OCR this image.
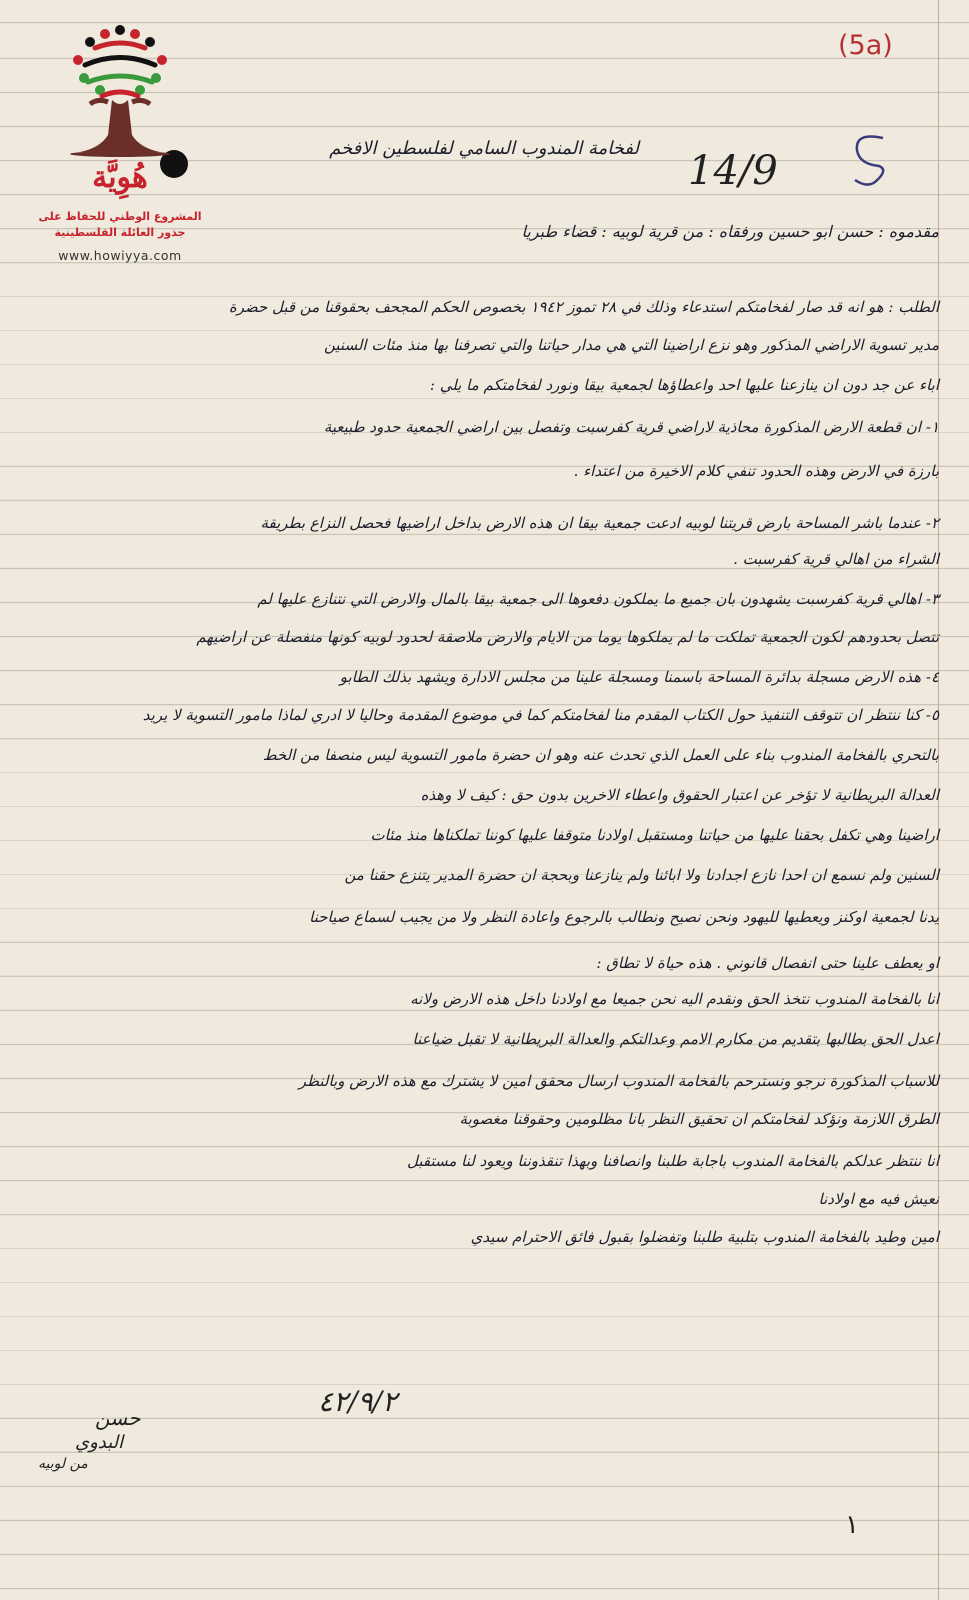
هُوِيَّة
المشروع الوطني للحفاظ على
جذور العائلة الفلسطينية
www.howiyya.com
(5a)
14/9
لفخامة المندوب السامي لفلسطين الافخم
مقدموه : حسن ابو حسين ورفقاه : من قرية لوبيه : قضاء طبريا
الطلب : هو انه قد صار لفخامتكم استدعاء وذلك في ٢٨ تموز ١٩٤٢ بخصوص الحكم المجحف بحقوقنا من قبل حضرة
مدير تسوية الاراضي المذكور وهو نزع اراضينا التي هي مدار حياتنا والتي تصرفنا بها منذ مئات السنين
اباء عن جد دون ان ينازعنا عليها احد واعطاؤها لجمعية بيقا ونورد لفخامتكم ما يلي :
١- ان قطعة الارض المذكورة محاذية لاراضي قرية كفرسبت وتفصل بين اراضي الجمعية حدود طبيعية
بارزة في الارض وهذه الحدود تنفي كلام الاخيرة من اعتداء .
٢- عندما باشر المساحة بارض قريتنا لوبيه ادعت جمعية بيقا ان هذه الارض بداخل اراضيها فحصل النزاع بطريقة
الشراء من اهالي قرية كفرسبت .
٣- اهالي قرية كفرسبت يشهدون بان جميع ما يملكون دفعوها الى جمعية بيقا بالمال والارض التي نتنازع عليها لم
تتصل بحدودهم لكون الجمعية تملكت ما لم يملكوها يوما من الايام والارض ملاصقة لحدود لوبيه كونها منفصلة عن اراضيهم
٤- هذه الارض مسجلة بدائرة المساحة باسمنا ومسجلة علينا من مجلس الادارة ويشهد بذلك الطابو
٥- كنا ننتظر ان تتوقف التنفيذ حول الكتاب المقدم منا لفخامتكم كما في موضوع المقدمة وحاليا لا ادري لماذا مامور التسوية لا يريد
بالتحري بالفخامة المندوب بناء على العمل الذي تحدث عنه وهو ان حضرة مامور التسوية ليس منصفا من الخط
العدالة البريطانية لا تؤخر عن اعتبار الحقوق واعطاء الاخرين بدون حق : كيف لا وهذه
اراضينا وهي تكفل بحقنا عليها من حياتنا ومستقبل اولادنا متوقفا عليها كوننا تملكناها منذ مئات
السنين ولم نسمع ان احدا نازع اجدادنا ولا ابائنا ولم ينازعنا وبحجة ان حضرة المدير يتنزع حقنا من
يدنا لجمعية اوكنز ويعطيها لليهود ونحن نصيح ونطالب بالرجوع واعادة النظر ولا من يجيب لسماع صياحنا
او يعطف علينا حتى انفصال قانوني . هذه حياة لا تطاق :
انا بالفخامة المندوب نتخذ الحق ونقدم اليه نحن جميعا مع اولادنا داخل هذه الارض ولانه
اعدل الحق بطالبها بتقديم من مكارم الامم وعدالتكم والعدالة البريطانية لا تقبل ضياعنا
للاسباب المذكورة نرجو ونسترحم بالفخامة المندوب ارسال محقق امين لا يشترك مع هذه الارض وبالنظر
الطرق اللازمة ونؤكد لفخامتكم ان تحقيق النظر بانا مظلومين وحقوقنا مغصوبة
انا ننتظر عدلكم بالفخامة المندوب باجابة طلبنا وانصافنا وبهذا تنقذوننا ويعود لنا مستقبل
نعيش فيه مع اولادنا
امين وطيد بالفخامة المندوب بتلبية طلبنا وتفضلوا بقبول فائق الاحترام سيدي
٤٢/٩/٢
حسن
البدوي
من لوبيه
١
